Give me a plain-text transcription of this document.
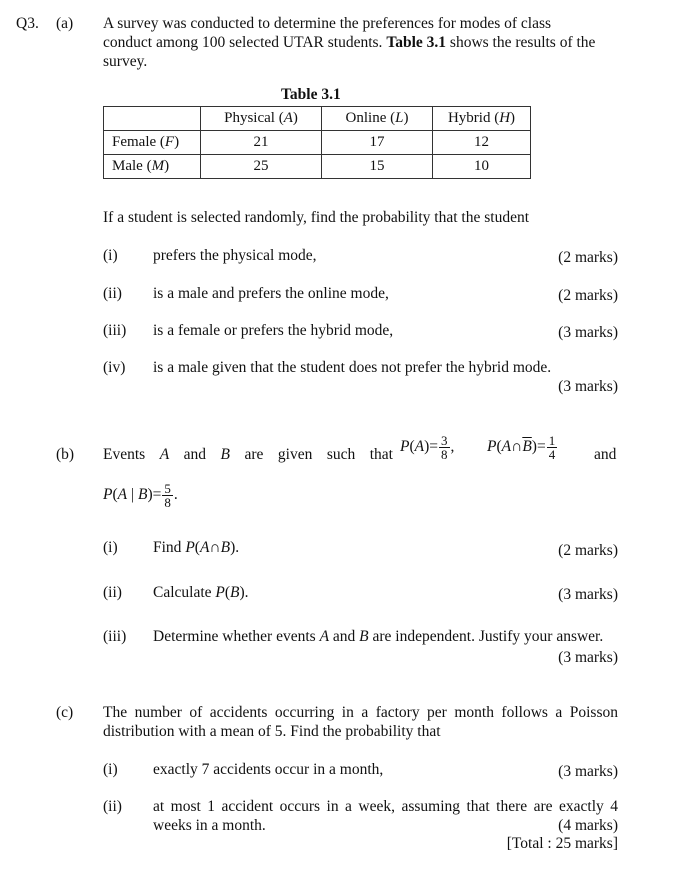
Q3. (a) A survey was conducted to determine the preferences for modes of class
conduct among 100 selected UTAR students. Table 3.1 shows the results of the
survey.
Table 3.1
	Physical (A)	Online (L)	Hybrid (H)
Female (F)	21	17	12
Male (M)	25	15	10
If a student is selected randomly, find the probability that the student
(i) prefers the physical mode,	(2 marks)
(ii) is a male and prefers the online mode,	(2 marks)
(iii) is a female or prefers the hybrid mode,	(3 marks)
(iv) is a male given that the student does not prefer the hybrid mode.
(3 marks)
(b) Events A and B are given such that $P(A)= \frac{3}{8}$ , $P(A\cap\overline{B})= \frac{1}{4}$ and
P(A | $B)= \frac{5}{8}$ .
(i) Find P(A∩B).	(2 marks)
(ii) Calculate P(B).	(3 marks)
(iii) Determine whether events A and B are independent. Justify your answer.
(3 marks)
(c) The number of accidents occurring in a factory per month follows a Poisson
distribution with a mean of 5. Find the probability that
(i) exactly 7 accidents occur in a month,	(3 marks)
(ii) at most 1 accident occurs in a week, assuming that there are exactly 4
weeks in a month.	(4 marks)
[Total : 25 marks]
